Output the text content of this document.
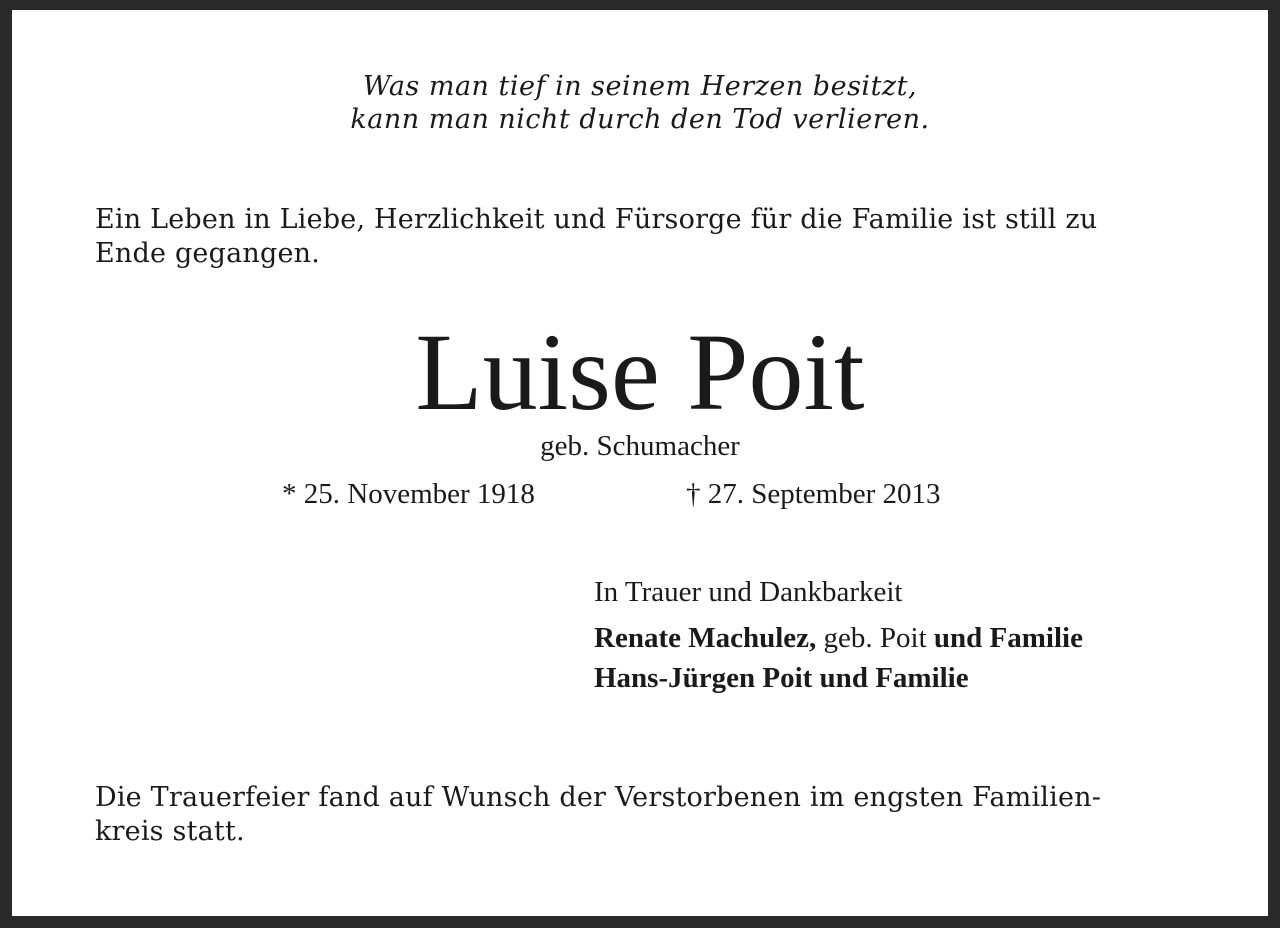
Was man tief in seinem Herzen besitzt,
kann man nicht durch den Tod verlieren.
Ein Leben in Liebe, Herzlichkeit und Fürsorge für die Familie ist still zu
Ende gegangen.
Luise Poit
geb. Schumacher
* 25. November 1918	† 27. September 2013
In Trauer und Dankbarkeit
Renate Machulez, geb. Poit und Familie
Hans-Jürgen Poit und Familie
Die Trauerfeier fand auf Wunsch der Verstorbenen im engsten Familien-
kreis statt.
